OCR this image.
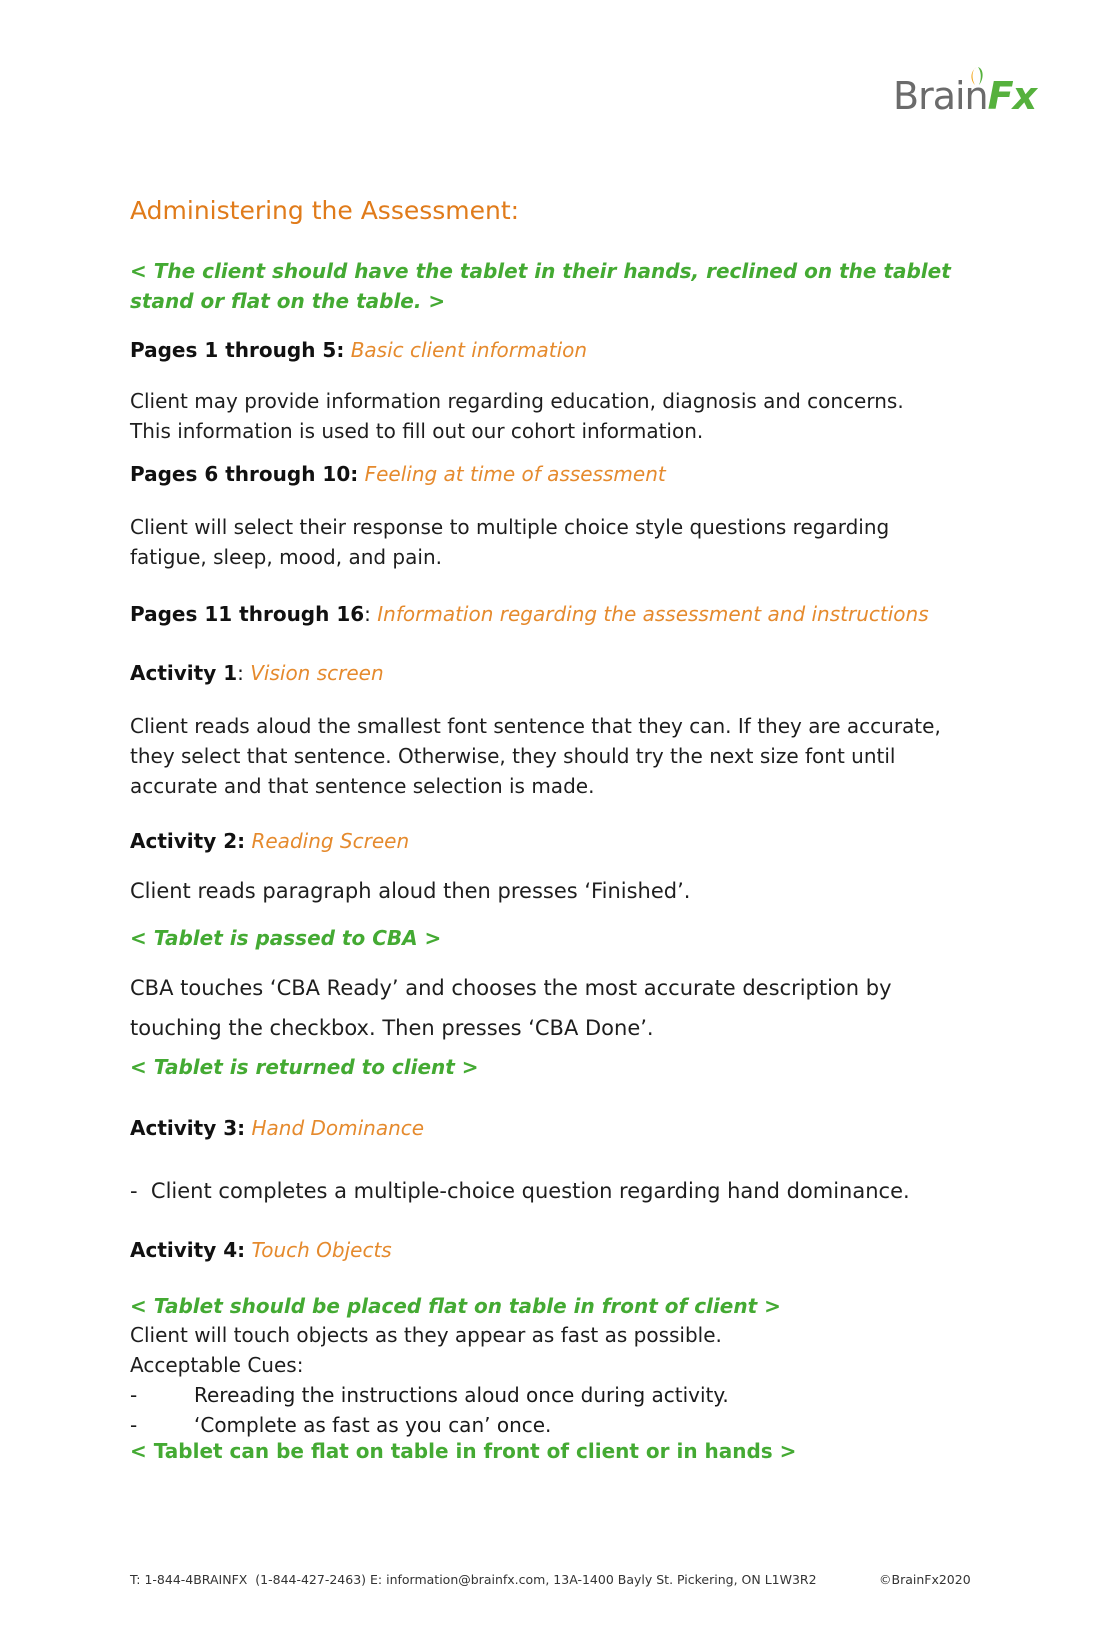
BrainFx
Administering the Assessment:
< The client should have the tablet in their hands, reclined on the tablet stand or flat on the table. >
Pages 1 through 5: Basic client information
Client may provide information regarding education, diagnosis and concerns. This information is used to fill out our cohort information.
Pages 6 through 10: Feeling at time of assessment
Client will select their response to multiple choice style questions regarding fatigue, sleep, mood, and pain.
Pages 11 through 16: Information regarding the assessment and instructions
Activity 1: Vision screen
Client reads aloud the smallest font sentence that they can. If they are accurate, they select that sentence. Otherwise, they should try the next size font until accurate and that sentence selection is made.
Activity 2: Reading Screen
Client reads paragraph aloud then presses ‘Finished’.
< Tablet is passed to CBA >
CBA touches ‘CBA Ready’ and chooses the most accurate description by touching the checkbox. Then presses ‘CBA Done’.
< Tablet is returned to client >
Activity 3: Hand Dominance
-  Client completes a multiple-choice question regarding hand dominance.
Activity 4: Touch Objects
< Tablet should be placed flat on table in front of client >
Client will touch objects as they appear as fast as possible.
Acceptable Cues:
-	Rereading the instructions aloud once during activity.
-	‘Complete as fast as you can’ once.
< Tablet can be flat on table in front of client or in hands >
T: 1-844-4BRAINFX  (1-844-427-2463) E: information@brainfx.com, 13A-1400 Bayly St. Pickering, ON L1W3R2	©BrainFx2020
